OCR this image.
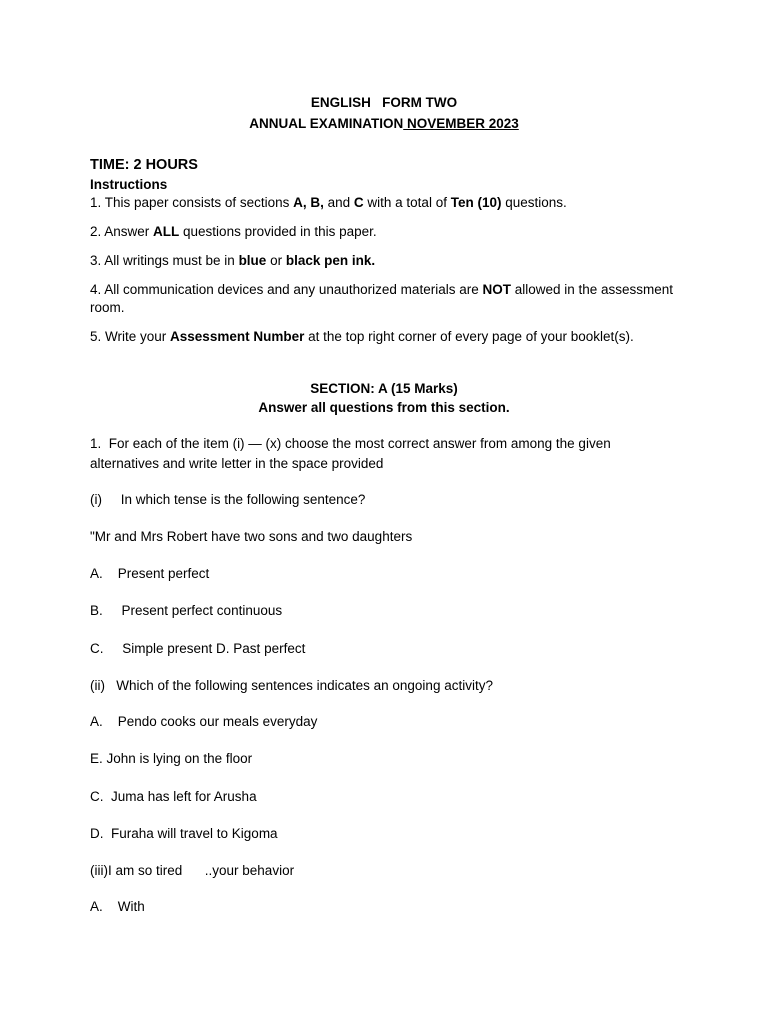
ENGLISH   FORM TWO
ANNUAL EXAMINATION NOVEMBER 2023
TIME: 2 HOURS
Instructions
1. This paper consists of sections A, B, and C with a total of Ten (10) questions.
2. Answer ALL questions provided in this paper.
3. All writings must be in blue or black pen ink.
4. All communication devices and any unauthorized materials are NOT allowed in the assessment
room.
5. Write your Assessment Number at the top right corner of every page of your booklet(s).
SECTION: A (15 Marks)
Answer all questions from this section.
1.  For each of the item (i) — (x) choose the most correct answer from among the given
alternatives and write letter in the space provided
(i)     In which tense is the following sentence?
"Mr and Mrs Robert have two sons and two daughters
A.    Present perfect
B.     Present perfect continuous
C.     Simple present D. Past perfect
(ii)   Which of the following sentences indicates an ongoing activity?
A.    Pendo cooks our meals everyday
E. John is lying on the floor
C.  Juma has left for Arusha
D.  Furaha will travel to Kigoma
(iii)I am so tired      ..your behavior
A.    With
